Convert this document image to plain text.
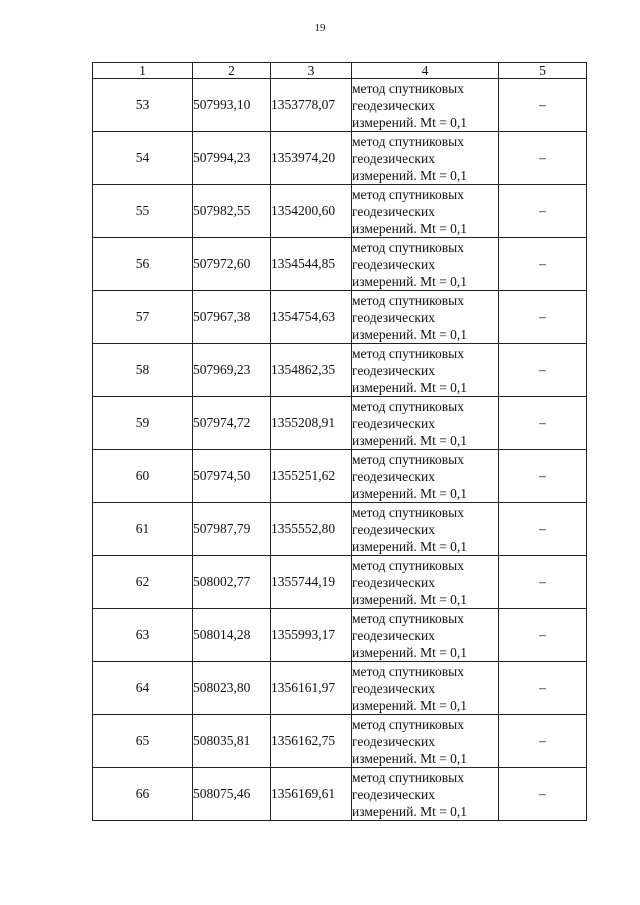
19
1	2	3	4	5
53	507993,10	1353778,07	метод спутниковых
геодезических
измерений. Mt = 0,1	–
54	507994,23	1353974,20	метод спутниковых
геодезических
измерений. Mt = 0,1	–
55	507982,55	1354200,60	метод спутниковых
геодезических
измерений. Mt = 0,1	–
56	507972,60	1354544,85	метод спутниковых
геодезических
измерений. Mt = 0,1	–
57	507967,38	1354754,63	метод спутниковых
геодезических
измерений. Mt = 0,1	–
58	507969,23	1354862,35	метод спутниковых
геодезических
измерений. Mt = 0,1	–
59	507974,72	1355208,91	метод спутниковых
геодезических
измерений. Mt = 0,1	–
60	507974,50	1355251,62	метод спутниковых
геодезических
измерений. Mt = 0,1	–
61	507987,79	1355552,80	метод спутниковых
геодезических
измерений. Mt = 0,1	–
62	508002,77	1355744,19	метод спутниковых
геодезических
измерений. Mt = 0,1	–
63	508014,28	1355993,17	метод спутниковых
геодезических
измерений. Mt = 0,1	–
64	508023,80	1356161,97	метод спутниковых
геодезических
измерений. Mt = 0,1	–
65	508035,81	1356162,75	метод спутниковых
геодезических
измерений. Mt = 0,1	–
66	508075,46	1356169,61	метод спутниковых
геодезических
измерений. Mt = 0,1	–
